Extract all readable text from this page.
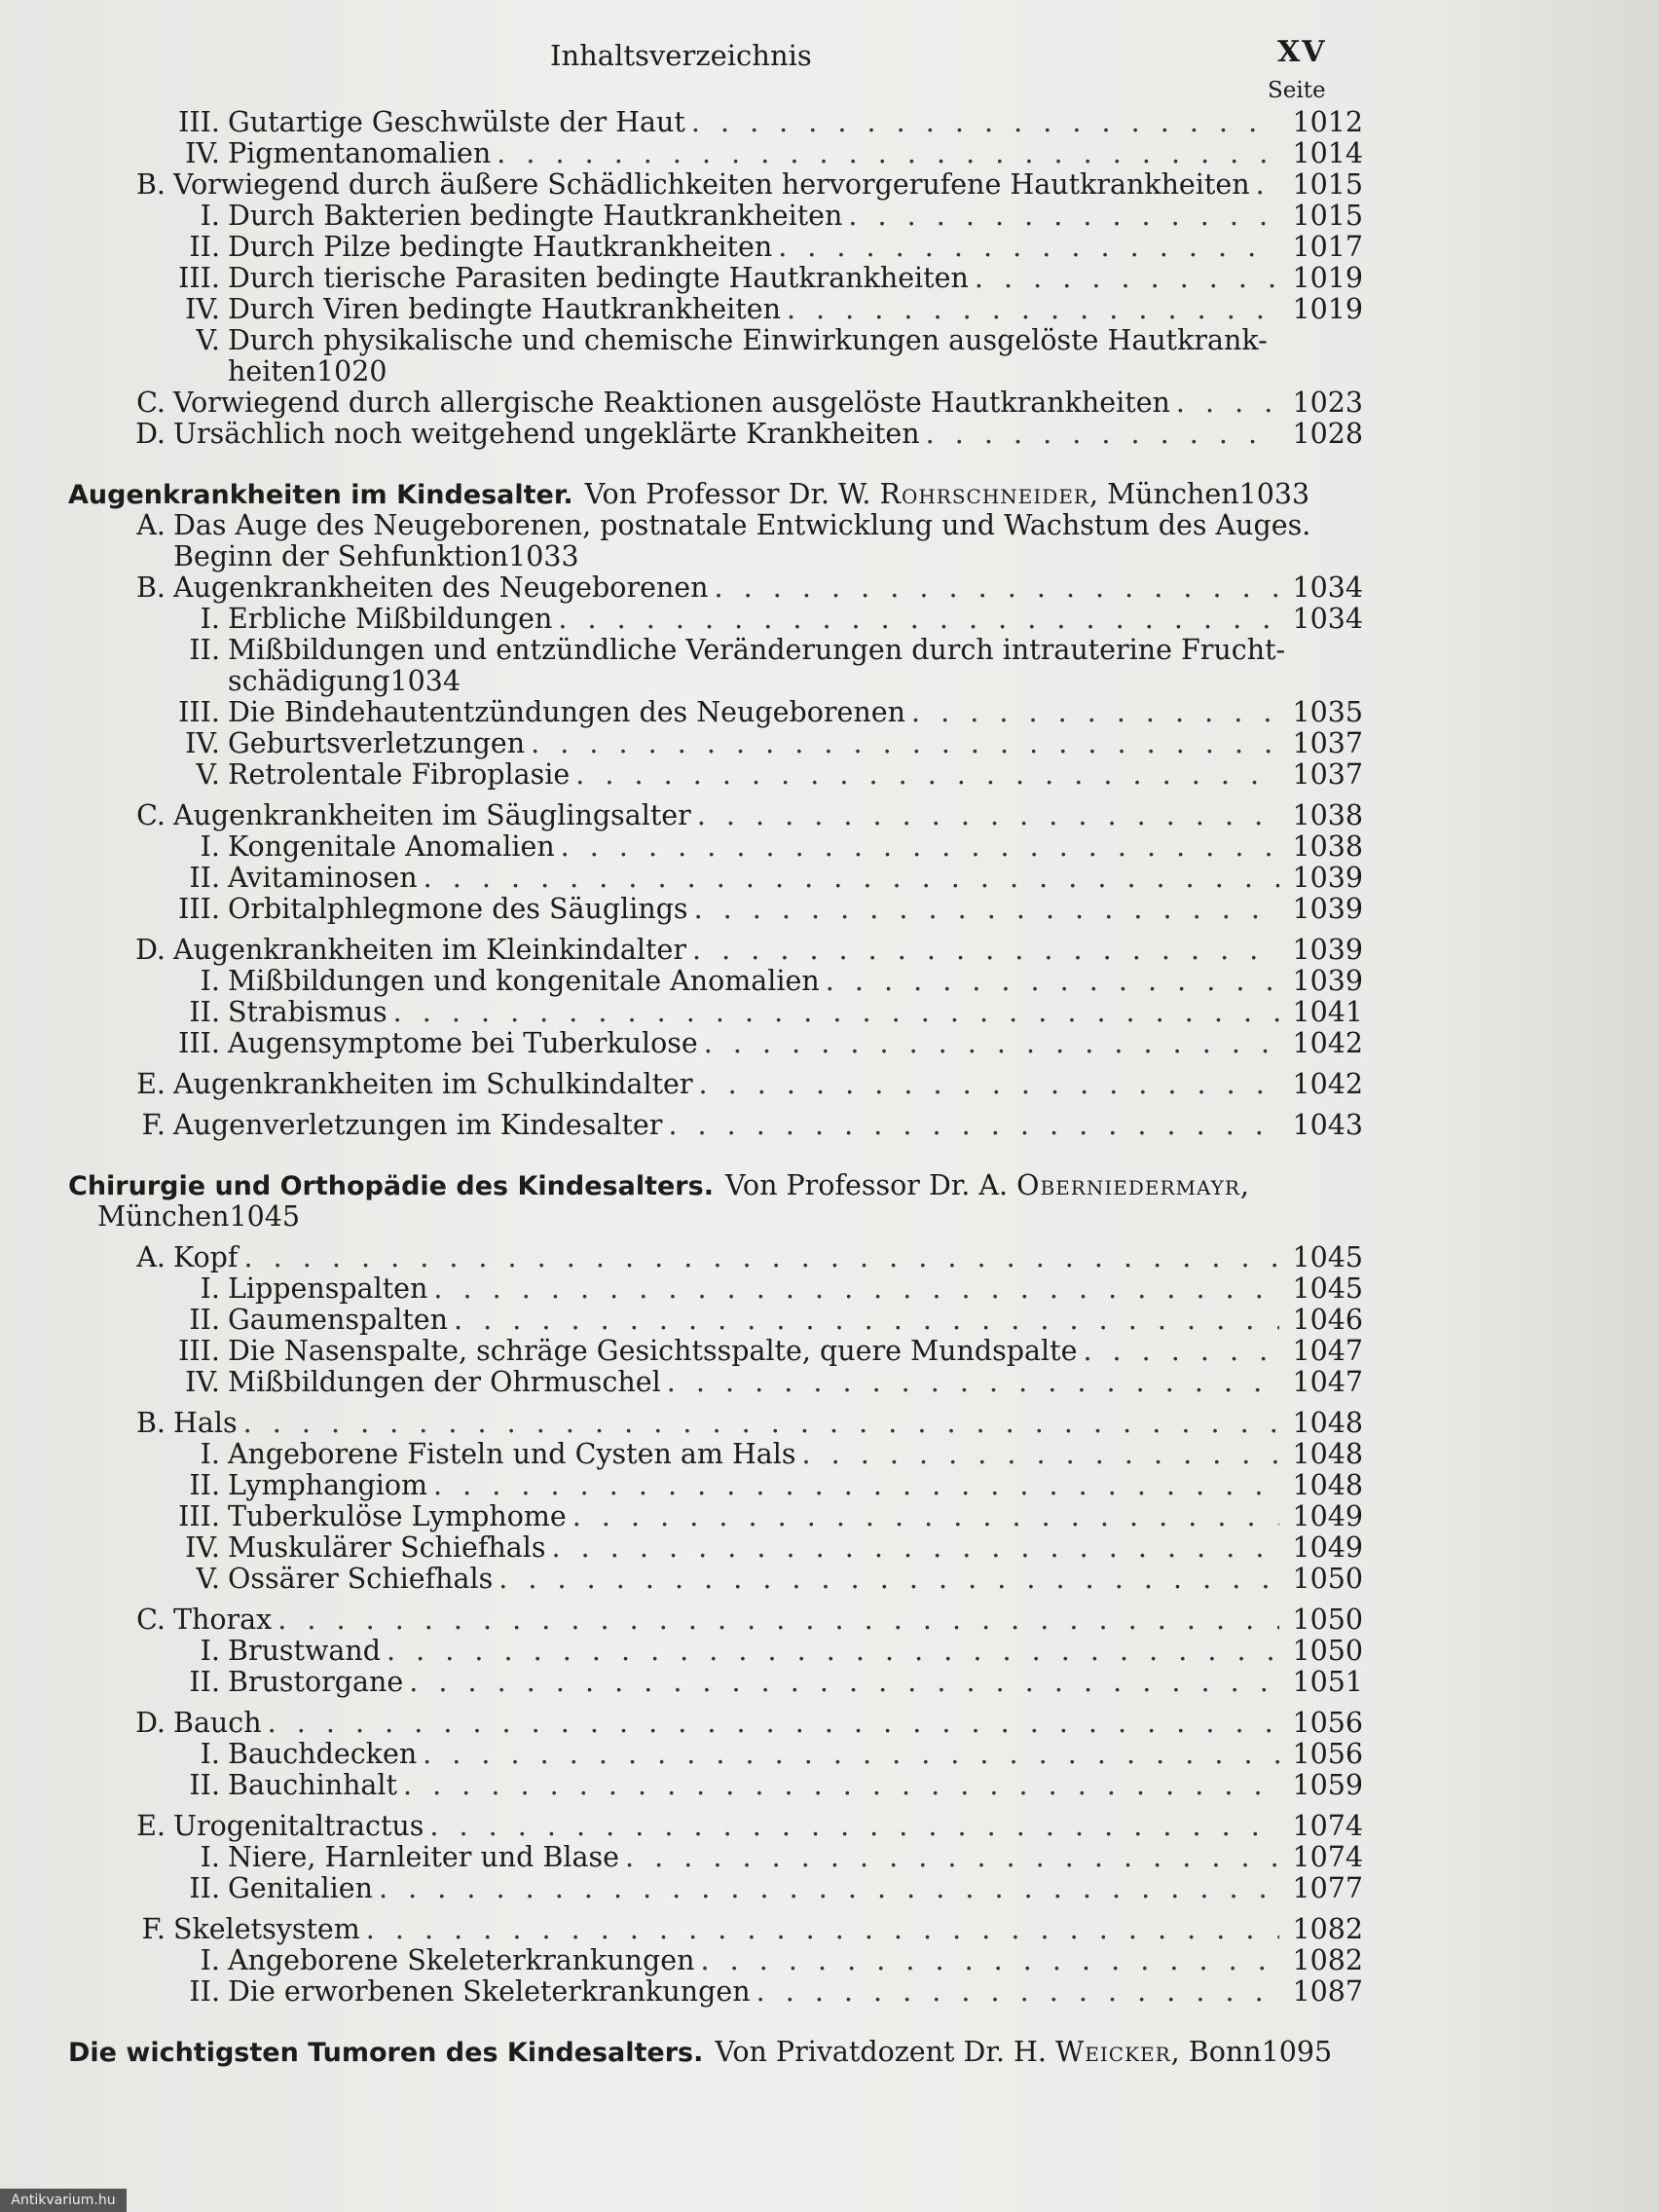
Inhaltsverzeichnis	XV
Seite
III. Gutartige Geschwülste der Haut . . .	1012
IV. Pigmentanomalien . . .	1014
B. Vorwiegend durch äußere Schädlichkeiten hervorgerufene Hautkrankheiten . . . 1015
I. Durch Bakterien bedingte Hautkrankheiten . . .	1015
II. Durch Pilze bedingte Hautkrankheiten . . .	1017
III. Durch tierische Parasiten bedingte Hautkrankheiten . . .	1019
IV. Durch Viren bedingte Hautkrankheiten . . .	1019
V. Durch physikalische und chemische Einwirkungen ausgelöste Hautkrank-
heiten 1020
C. Vorwiegend durch allergische Reaktionen ausgelöste Hautkrankheiten . . .	1023
D. Ursächlich noch weitgehend ungeklärte Krankheiten . . .	1028
Augenkrankheiten im Kindesalter. Von Professor Dr. W. Rohrschneider, München 1033
A. Das Auge des Neugeborenen, postnatale Entwicklung und Wachstum des Auges.
Beginn der Sehfunktion 1033
B. Augenkrankheiten des Neugeborenen . . .	1034
I. Erbliche Mißbildungen . . .	1034
II. Mißbildungen und entzündliche Veränderungen durch intrauterine Frucht-
schädigung 1034
III. Die Bindehautentzündungen des Neugeborenen . . .	1035
IV. Geburtsverletzungen . . .	1037
V. Retrolentale Fibroplasie . . .	1037
C. Augenkrankheiten im Säuglingsalter . . .	1038
I. Kongenitale Anomalien . . .	1038
II. Avitaminosen . . .	1039
III. Orbitalphlegmone des Säuglings . . .	1039
D. Augenkrankheiten im Kleinkindalter . . .	1039
I. Mißbildungen und kongenitale Anomalien . . .	1039
II. Strabismus . . .	1041
III. Augensymptome bei Tuberkulose . . .	1042
E. Augenkrankheiten im Schulkindalter . . .	1042
F. Augenverletzungen im Kindesalter . . .	1043
Chirurgie und Orthopädie des Kindesalters. Von Professor Dr. A. Oberniedermayr,
München 1045
A. Kopf . . .	1045
I. Lippenspalten . . .	1045
II. Gaumenspalten . . .	1046
III. Die Nasenspalte, schräge Gesichtsspalte, quere Mundspalte . . .	1047
IV. Mißbildungen der Ohrmuschel . . .	1047
B. Hals . . .	1048
I. Angeborene Fisteln und Cysten am Hals . . .	1048
II. Lymphangiom . . .	1048
III. Tuberkulöse Lymphome . . .	1049
IV. Muskulärer Schiefhals . . .	1049
V. Ossärer Schiefhals . . .	1050
C. Thorax . . .	1050
I. Brustwand . . .	1050
II. Brustorgane . . .	1051
D. Bauch . . .	1056
I. Bauchdecken . . .	1056
II. Bauchinhalt . . .	1059
E. Urogenitaltractus . . .	1074
I. Niere, Harnleiter und Blase . . .	1074
II. Genitalien . . .	1077
F. Skeletsystem . . .	1082
I. Angeborene Skeleterkrankungen . . .	1082
II. Die erworbenen Skeleterkrankungen . . .	1087
Die wichtigsten Tumoren des Kindesalters. Von Privatdozent Dr. H. Weicker, Bonn 1095
Antikvarium.hu
